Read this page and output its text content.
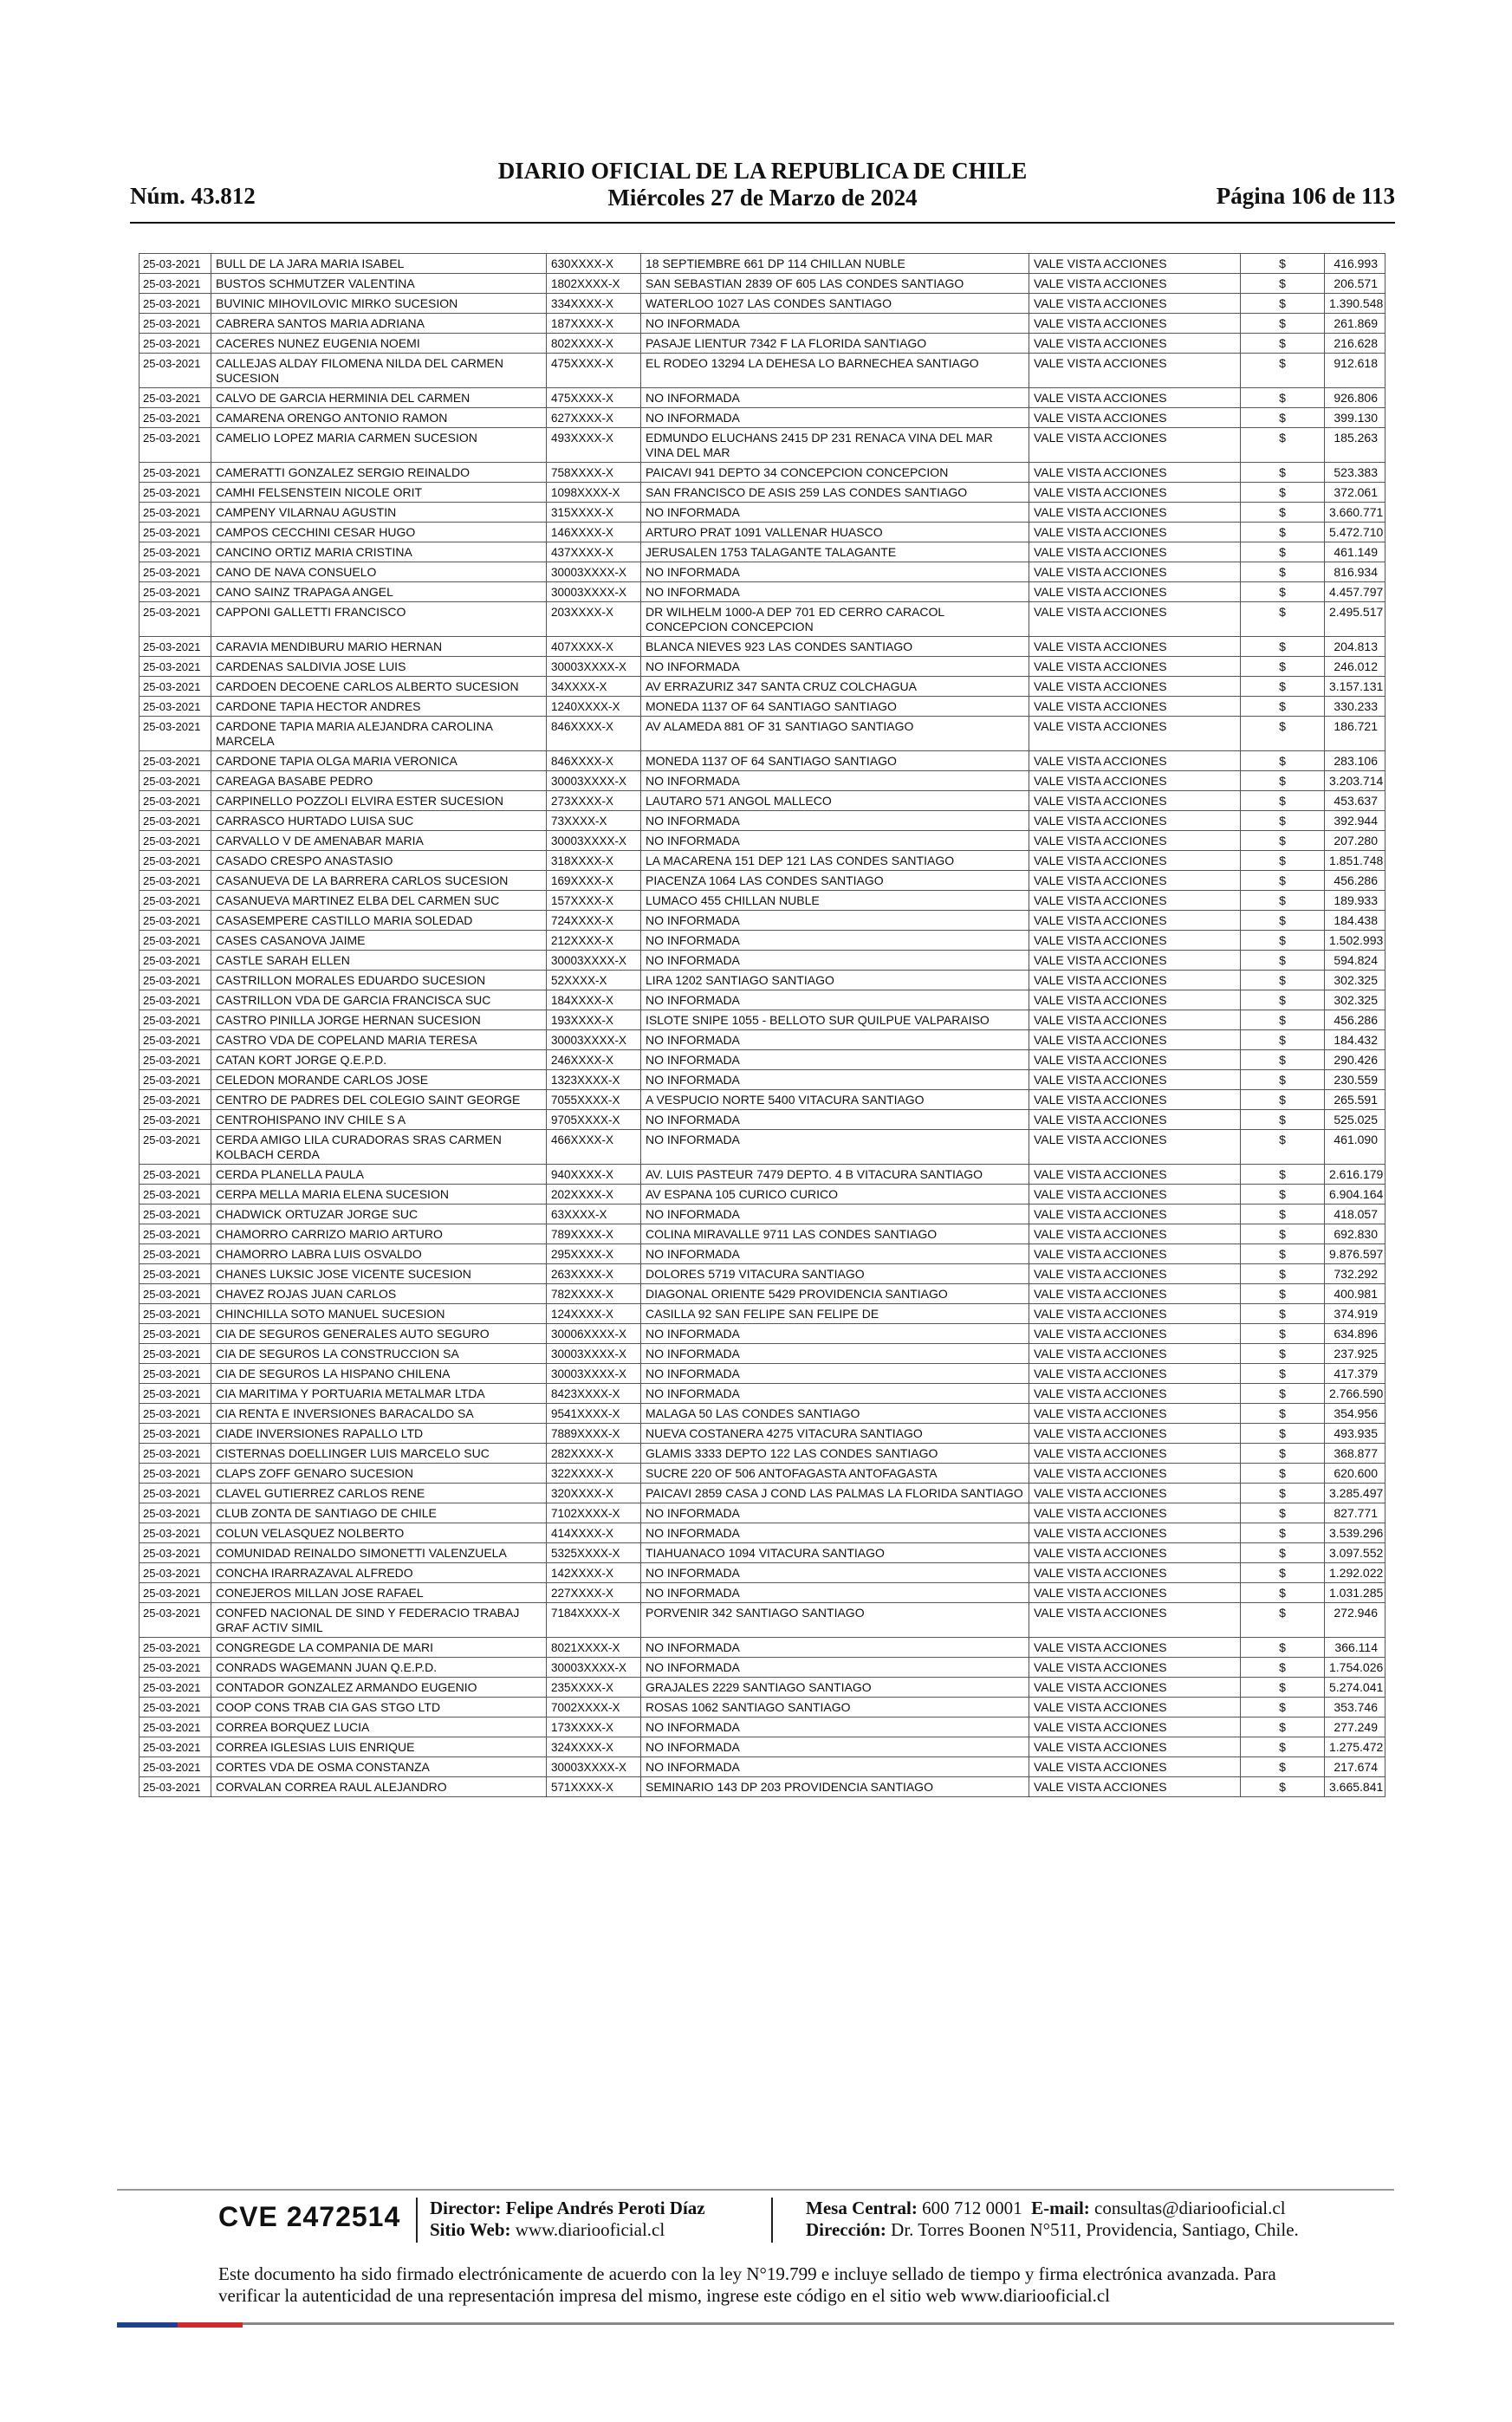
Núm. 43.812
DIARIO OFICIAL DE LA REPUBLICA DE CHILE
Miércoles 27 de Marzo de 2024	Página 106 de 113
25-03-2021	BULL DE LA JARA MARIA ISABEL	630XXXX-X	18 SEPTIEMBRE 661 DP 114 CHILLAN NUBLE	VALE VISTA ACCIONES	$	416.993
25-03-2021	BUSTOS SCHMUTZER VALENTINA	1802XXXX-X	SAN SEBASTIAN 2839 OF 605 LAS CONDES SANTIAGO	VALE VISTA ACCIONES	$	206.571
25-03-2021	BUVINIC MIHOVILOVIC MIRKO SUCESION	334XXXX-X	WATERLOO 1027 LAS CONDES SANTIAGO	VALE VISTA ACCIONES	$	1.390.548
25-03-2021	CABRERA SANTOS MARIA ADRIANA	187XXXX-X	NO INFORMADA	VALE VISTA ACCIONES	$	261.869
25-03-2021	CACERES NUNEZ EUGENIA NOEMI	802XXXX-X	PASAJE LIENTUR 7342 F LA FLORIDA SANTIAGO	VALE VISTA ACCIONES	$	216.628
25-03-2021	CALLEJAS ALDAY FILOMENA NILDA DEL CARMEN SUCESION	475XXXX-X	EL RODEO 13294 LA DEHESA LO BARNECHEA SANTIAGO	VALE VISTA ACCIONES	$	912.618
25-03-2021	CALVO DE GARCIA HERMINIA DEL CARMEN	475XXXX-X	NO INFORMADA	VALE VISTA ACCIONES	$	926.806
25-03-2021	CAMARENA ORENGO ANTONIO RAMON	627XXXX-X	NO INFORMADA	VALE VISTA ACCIONES	$	399.130
25-03-2021	CAMELIO LOPEZ MARIA CARMEN SUCESION	493XXXX-X	EDMUNDO ELUCHANS 2415 DP 231 RENACA VINA DEL MAR VINA DEL MAR	VALE VISTA ACCIONES	$	185.263
25-03-2021	CAMERATTI GONZALEZ SERGIO REINALDO	758XXXX-X	PAICAVI 941 DEPTO 34 CONCEPCION CONCEPCION	VALE VISTA ACCIONES	$	523.383
25-03-2021	CAMHI FELSENSTEIN NICOLE ORIT	1098XXXX-X	SAN FRANCISCO DE ASIS 259 LAS CONDES SANTIAGO	VALE VISTA ACCIONES	$	372.061
25-03-2021	CAMPENY VILARNAU AGUSTIN	315XXXX-X	NO INFORMADA	VALE VISTA ACCIONES	$	3.660.771
25-03-2021	CAMPOS CECCHINI CESAR HUGO	146XXXX-X	ARTURO PRAT 1091 VALLENAR HUASCO	VALE VISTA ACCIONES	$	5.472.710
25-03-2021	CANCINO ORTIZ MARIA CRISTINA	437XXXX-X	JERUSALEN 1753 TALAGANTE TALAGANTE	VALE VISTA ACCIONES	$	461.149
25-03-2021	CANO DE NAVA CONSUELO	30003XXXX-X	NO INFORMADA	VALE VISTA ACCIONES	$	816.934
25-03-2021	CANO SAINZ TRAPAGA ANGEL	30003XXXX-X	NO INFORMADA	VALE VISTA ACCIONES	$	4.457.797
25-03-2021	CAPPONI GALLETTI FRANCISCO	203XXXX-X	DR WILHELM 1000-A DEP 701 ED CERRO CARACOL CONCEPCION CONCEPCION	VALE VISTA ACCIONES	$	2.495.517
25-03-2021	CARAVIA MENDIBURU MARIO HERNAN	407XXXX-X	BLANCA NIEVES 923 LAS CONDES SANTIAGO	VALE VISTA ACCIONES	$	204.813
25-03-2021	CARDENAS SALDIVIA JOSE LUIS	30003XXXX-X	NO INFORMADA	VALE VISTA ACCIONES	$	246.012
25-03-2021	CARDOEN DECOENE CARLOS ALBERTO SUCESION	34XXXX-X	AV ERRAZURIZ 347 SANTA CRUZ COLCHAGUA	VALE VISTA ACCIONES	$	3.157.131
25-03-2021	CARDONE TAPIA HECTOR ANDRES	1240XXXX-X	MONEDA 1137 OF 64 SANTIAGO SANTIAGO	VALE VISTA ACCIONES	$	330.233
25-03-2021	CARDONE TAPIA MARIA ALEJANDRA CAROLINA MARCELA	846XXXX-X	AV ALAMEDA 881 OF 31 SANTIAGO SANTIAGO	VALE VISTA ACCIONES	$	186.721
25-03-2021	CARDONE TAPIA OLGA MARIA VERONICA	846XXXX-X	MONEDA 1137 OF 64 SANTIAGO SANTIAGO	VALE VISTA ACCIONES	$	283.106
25-03-2021	CAREAGA BASABE PEDRO	30003XXXX-X	NO INFORMADA	VALE VISTA ACCIONES	$	3.203.714
25-03-2021	CARPINELLO POZZOLI ELVIRA ESTER SUCESION	273XXXX-X	LAUTARO 571 ANGOL MALLECO	VALE VISTA ACCIONES	$	453.637
25-03-2021	CARRASCO HURTADO LUISA SUC	73XXXX-X	NO INFORMADA	VALE VISTA ACCIONES	$	392.944
25-03-2021	CARVALLO V DE AMENABAR MARIA	30003XXXX-X	NO INFORMADA	VALE VISTA ACCIONES	$	207.280
25-03-2021	CASADO CRESPO ANASTASIO	318XXXX-X	LA MACARENA 151 DEP 121 LAS CONDES SANTIAGO	VALE VISTA ACCIONES	$	1.851.748
25-03-2021	CASANUEVA DE LA BARRERA CARLOS SUCESION	169XXXX-X	PIACENZA 1064 LAS CONDES SANTIAGO	VALE VISTA ACCIONES	$	456.286
25-03-2021	CASANUEVA MARTINEZ ELBA DEL CARMEN SUC	157XXXX-X	LUMACO 455 CHILLAN NUBLE	VALE VISTA ACCIONES	$	189.933
25-03-2021	CASASEMPERE CASTILLO MARIA SOLEDAD	724XXXX-X	NO INFORMADA	VALE VISTA ACCIONES	$	184.438
25-03-2021	CASES CASANOVA JAIME	212XXXX-X	NO INFORMADA	VALE VISTA ACCIONES	$	1.502.993
25-03-2021	CASTLE SARAH ELLEN	30003XXXX-X	NO INFORMADA	VALE VISTA ACCIONES	$	594.824
25-03-2021	CASTRILLON MORALES EDUARDO SUCESION	52XXXX-X	LIRA 1202 SANTIAGO SANTIAGO	VALE VISTA ACCIONES	$	302.325
25-03-2021	CASTRILLON VDA DE GARCIA FRANCISCA SUC	184XXXX-X	NO INFORMADA	VALE VISTA ACCIONES	$	302.325
25-03-2021	CASTRO PINILLA JORGE HERNAN SUCESION	193XXXX-X	ISLOTE SNIPE 1055 - BELLOTO SUR QUILPUE VALPARAISO	VALE VISTA ACCIONES	$	456.286
25-03-2021	CASTRO VDA DE COPELAND MARIA TERESA	30003XXXX-X	NO INFORMADA	VALE VISTA ACCIONES	$	184.432
25-03-2021	CATAN KORT JORGE Q.E.P.D.	246XXXX-X	NO INFORMADA	VALE VISTA ACCIONES	$	290.426
25-03-2021	CELEDON MORANDE CARLOS JOSE	1323XXXX-X	NO INFORMADA	VALE VISTA ACCIONES	$	230.559
25-03-2021	CENTRO DE PADRES DEL COLEGIO SAINT GEORGE	7055XXXX-X	A VESPUCIO NORTE 5400 VITACURA SANTIAGO	VALE VISTA ACCIONES	$	265.591
25-03-2021	CENTROHISPANO INV CHILE S A	9705XXXX-X	NO INFORMADA	VALE VISTA ACCIONES	$	525.025
25-03-2021	CERDA AMIGO LILA CURADORAS SRAS CARMEN KOLBACH CERDA	466XXXX-X	NO INFORMADA	VALE VISTA ACCIONES	$	461.090
25-03-2021	CERDA PLANELLA PAULA	940XXXX-X	AV. LUIS PASTEUR 7479 DEPTO. 4 B VITACURA SANTIAGO	VALE VISTA ACCIONES	$	2.616.179
25-03-2021	CERPA MELLA MARIA ELENA SUCESION	202XXXX-X	AV ESPANA 105 CURICO CURICO	VALE VISTA ACCIONES	$	6.904.164
25-03-2021	CHADWICK ORTUZAR JORGE SUC	63XXXX-X	NO INFORMADA	VALE VISTA ACCIONES	$	418.057
25-03-2021	CHAMORRO CARRIZO MARIO ARTURO	789XXXX-X	COLINA MIRAVALLE 9711 LAS CONDES SANTIAGO	VALE VISTA ACCIONES	$	692.830
25-03-2021	CHAMORRO LABRA LUIS OSVALDO	295XXXX-X	NO INFORMADA	VALE VISTA ACCIONES	$	9.876.597
25-03-2021	CHANES LUKSIC JOSE VICENTE SUCESION	263XXXX-X	DOLORES 5719 VITACURA SANTIAGO	VALE VISTA ACCIONES	$	732.292
25-03-2021	CHAVEZ ROJAS JUAN CARLOS	782XXXX-X	DIAGONAL ORIENTE 5429 PROVIDENCIA SANTIAGO	VALE VISTA ACCIONES	$	400.981
25-03-2021	CHINCHILLA SOTO MANUEL SUCESION	124XXXX-X	CASILLA 92 SAN FELIPE SAN FELIPE DE	VALE VISTA ACCIONES	$	374.919
25-03-2021	CIA DE SEGUROS GENERALES AUTO SEGURO	30006XXXX-X	NO INFORMADA	VALE VISTA ACCIONES	$	634.896
25-03-2021	CIA DE SEGUROS LA CONSTRUCCION SA	30003XXXX-X	NO INFORMADA	VALE VISTA ACCIONES	$	237.925
25-03-2021	CIA DE SEGUROS LA HISPANO CHILENA	30003XXXX-X	NO INFORMADA	VALE VISTA ACCIONES	$	417.379
25-03-2021	CIA MARITIMA Y PORTUARIA METALMAR LTDA	8423XXXX-X	NO INFORMADA	VALE VISTA ACCIONES	$	2.766.590
25-03-2021	CIA RENTA E INVERSIONES BARACALDO SA	9541XXXX-X	MALAGA 50 LAS CONDES SANTIAGO	VALE VISTA ACCIONES	$	354.956
25-03-2021	CIADE INVERSIONES RAPALLO LTD	7889XXXX-X	NUEVA COSTANERA 4275 VITACURA SANTIAGO	VALE VISTA ACCIONES	$	493.935
25-03-2021	CISTERNAS DOELLINGER LUIS MARCELO SUC	282XXXX-X	GLAMIS 3333 DEPTO 122 LAS CONDES SANTIAGO	VALE VISTA ACCIONES	$	368.877
25-03-2021	CLAPS ZOFF GENARO SUCESION	322XXXX-X	SUCRE 220 OF 506 ANTOFAGASTA ANTOFAGASTA	VALE VISTA ACCIONES	$	620.600
25-03-2021	CLAVEL GUTIERREZ CARLOS RENE	320XXXX-X	PAICAVI 2859 CASA J COND LAS PALMAS LA FLORIDA SANTIAGO	VALE VISTA ACCIONES	$	3.285.497
25-03-2021	CLUB ZONTA DE SANTIAGO DE CHILE	7102XXXX-X	NO INFORMADA	VALE VISTA ACCIONES	$	827.771
25-03-2021	COLUN VELASQUEZ NOLBERTO	414XXXX-X	NO INFORMADA	VALE VISTA ACCIONES	$	3.539.296
25-03-2021	COMUNIDAD REINALDO SIMONETTI VALENZUELA	5325XXXX-X	TIAHUANACO 1094 VITACURA SANTIAGO	VALE VISTA ACCIONES	$	3.097.552
25-03-2021	CONCHA IRARRAZAVAL ALFREDO	142XXXX-X	NO INFORMADA	VALE VISTA ACCIONES	$	1.292.022
25-03-2021	CONEJEROS MILLAN JOSE RAFAEL	227XXXX-X	NO INFORMADA	VALE VISTA ACCIONES	$	1.031.285
25-03-2021	CONFED NACIONAL DE SIND Y FEDERACIO TRABAJ GRAF ACTIV SIMIL	7184XXXX-X	PORVENIR 342 SANTIAGO SANTIAGO	VALE VISTA ACCIONES	$	272.946
25-03-2021	CONGREGDE LA COMPANIA DE MARI	8021XXXX-X	NO INFORMADA	VALE VISTA ACCIONES	$	366.114
25-03-2021	CONRADS WAGEMANN JUAN Q.E.P.D.	30003XXXX-X	NO INFORMADA	VALE VISTA ACCIONES	$	1.754.026
25-03-2021	CONTADOR GONZALEZ ARMANDO EUGENIO	235XXXX-X	GRAJALES 2229 SANTIAGO SANTIAGO	VALE VISTA ACCIONES	$	5.274.041
25-03-2021	COOP CONS TRAB CIA GAS STGO LTD	7002XXXX-X	ROSAS 1062 SANTIAGO SANTIAGO	VALE VISTA ACCIONES	$	353.746
25-03-2021	CORREA BORQUEZ LUCIA	173XXXX-X	NO INFORMADA	VALE VISTA ACCIONES	$	277.249
25-03-2021	CORREA IGLESIAS LUIS ENRIQUE	324XXXX-X	NO INFORMADA	VALE VISTA ACCIONES	$	1.275.472
25-03-2021	CORTES VDA DE OSMA CONSTANZA	30003XXXX-X	NO INFORMADA	VALE VISTA ACCIONES	$	217.674
25-03-2021	CORVALAN CORREA RAUL ALEJANDRO	571XXXX-X	SEMINARIO 143 DP 203 PROVIDENCIA SANTIAGO	VALE VISTA ACCIONES	$	3.665.841
CVE 2472514 Director: Felipe Andrés Peroti Díaz
Sitio Web: www.diariooficial.cl
Mesa Central: 600 712 0001 E-mail: consultas@diariooficial.cl
Dirección: Dr. Torres Boonen N°511, Providencia, Santiago, Chile.
Este documento ha sido firmado electrónicamente de acuerdo con la ley N°19.799 e incluye sellado de tiempo y firma electrónica avanzada. Para verificar la autenticidad de una representación impresa del mismo, ingrese este código en el sitio web www.diariooficial.cl
